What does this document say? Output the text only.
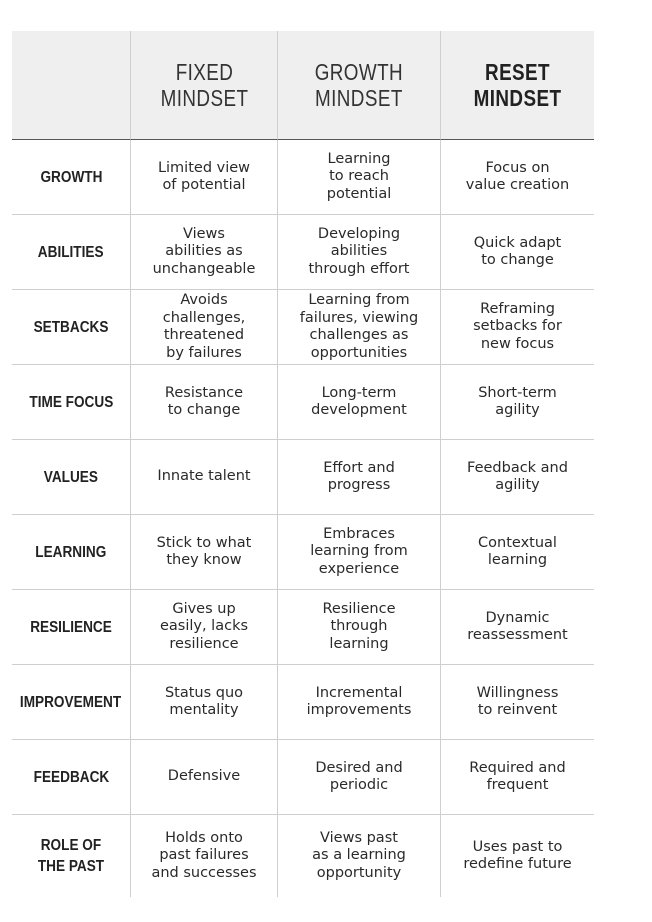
FIXED
MINDSET
GROWTH
MINDSET
RESET
MINDSET
GROWTH
Limited view
of potential
Learning
to reach
potential
Focus on
value creation
ABILITIES
Views
abilities as
unchangeable
Developing
abilities
through effort
Quick adapt
to change
SETBACKS
Avoids
challenges,
threatened
by failures
Learning from
failures, viewing
challenges as
opportunities
Reframing
setbacks for
new focus
TIME FOCUS
Resistance
to change
Long-term
development
Short-term
agility
VALUES	Innate talent
Effort and
progress
Feedback and
agility
LEARNING
Stick to what
they know
Embraces
learning from
experience
Contextual
learning
RESILIENCE
Gives up
easily, lacks
resilience
Resilience
through
learning
Dynamic
reassessment
IMPROVEMENT
Status quo
mentality
Incremental
improvements
Willingness
to reinvent
FEEDBACK	Defensive

Desired and
periodic
Required and
frequent
ROLE OF
THE PAST
Holds onto
past failures
and successes
Views past
as a learning
opportunity
Uses past to
redefine future
